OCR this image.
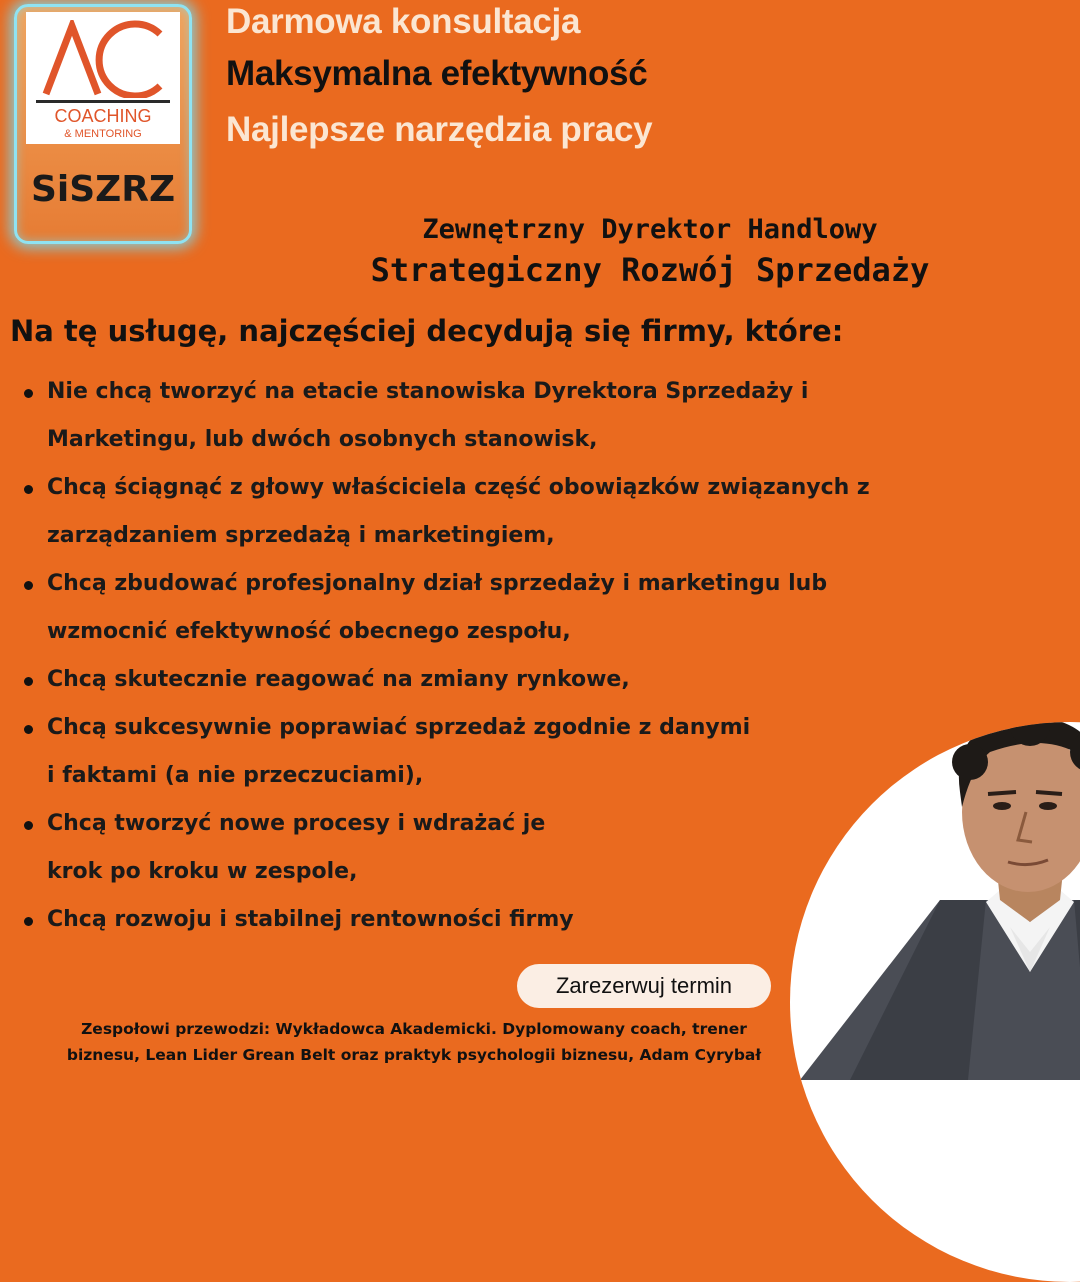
COACHING
& MENTORING
SiSZRZ
Darmowa konsultacja
Maksymalna efektywność
Najlepsze narzędzia pracy
Zewnętrzny Dyrektor Handlowy
Strategiczny Rozwój Sprzedaży
Na tę usługę, najczęściej decydują się firmy, które:
Nie chcą tworzyć na etacie stanowiska Dyrektora Sprzedaży i
Marketingu, lub dwóch osobnych stanowisk,
Chcą ściągnąć z głowy właściciela część obowiązków związanych z
zarządzaniem sprzedażą i marketingiem,
Chcą zbudować profesjonalny dział sprzedaży i marketingu lub
wzmocnić efektywność obecnego zespołu,
Chcą skutecznie reagować na zmiany rynkowe,
Chcą sukcesywnie poprawiać sprzedaż zgodnie z danymi
i faktami (a nie przeczuciami),
Chcą tworzyć nowe procesy i wdrażać je
krok po kroku w zespole,
Chcą rozwoju i stabilnej rentowności firmy
Zarezerwuj termin
Zespołowi przewodzi: Wykładowca Akademicki. Dyplomowany coach, trener
biznesu, Lean Lider Grean Belt oraz praktyk psychologii biznesu, Adam Cyrybał
